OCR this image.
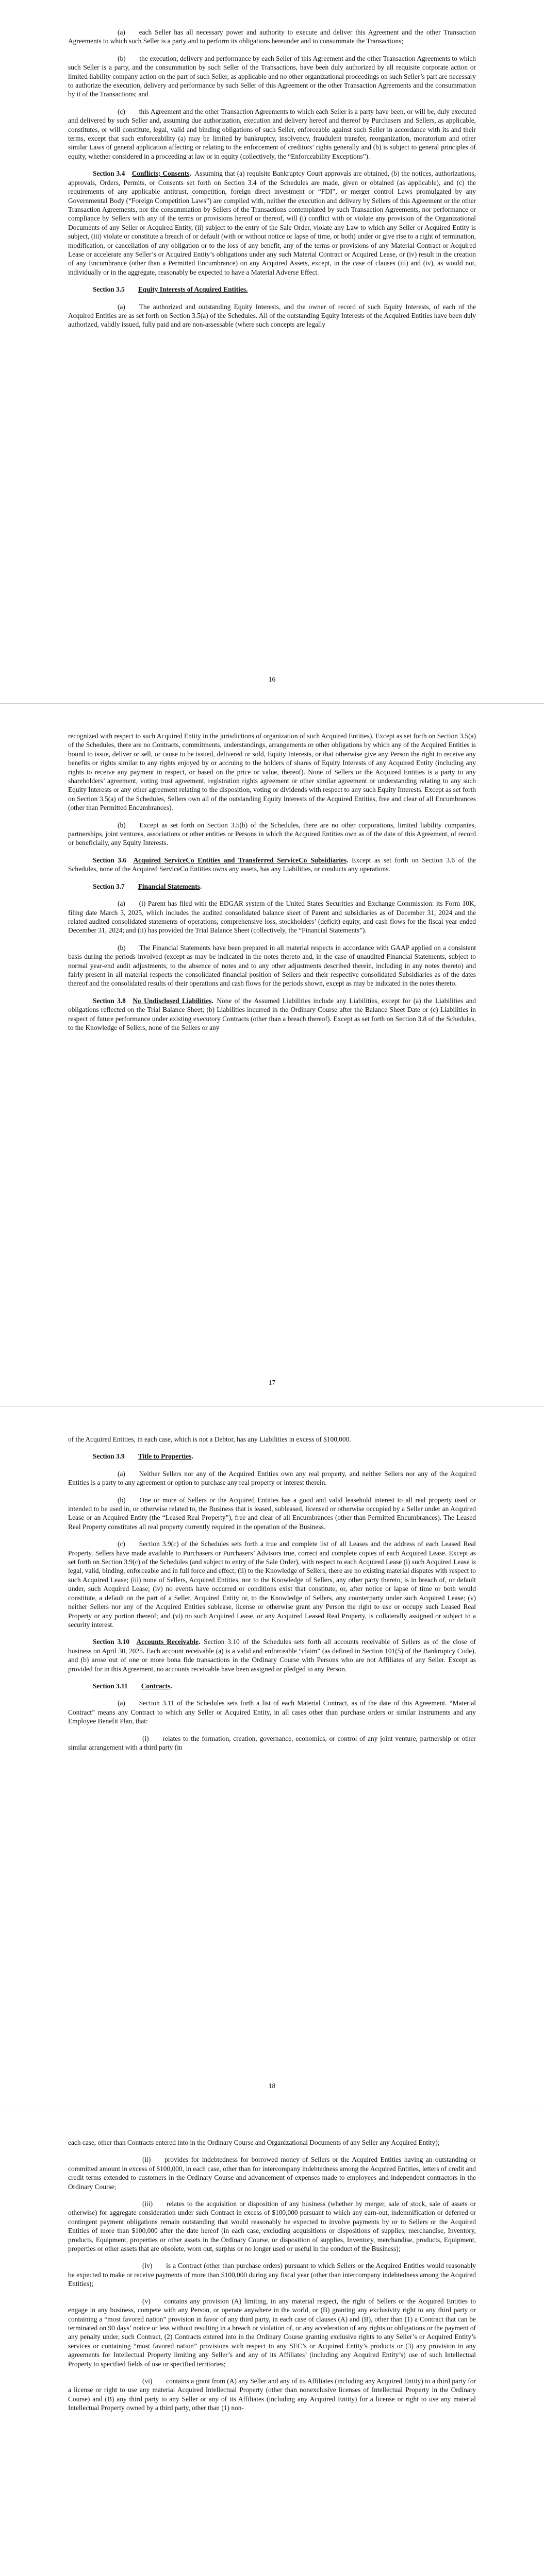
(a)   each Seller has all necessary power and authority to execute and deliver this Agreement and the other Transaction Agreements to which such Seller is a party and to perform its obligations hereunder and to consummate the Transactions;

(b)   the execution, delivery and performance by each Seller of this Agreement and the other Transaction Agreements to which such Seller is a party, and the consummation by such Seller of the Transactions, have been duly authorized by all requisite corporate action or limited liability company action on the part of such Seller, as applicable and no other organizational proceedings on such Seller’s part are necessary to authorize the execution, delivery and performance by such Seller of this Agreement or the other Transaction Agreements and the consummation by it of the Transactions; and

(c)   this Agreement and the other Transaction Agreements to which each Seller is a party have been, or will be, duly executed and delivered by such Seller and, assuming due authorization, execution and delivery hereof and thereof by Purchasers and Sellers, as applicable, constitutes, or will constitute, legal, valid and binding obligations of such Seller, enforceable against such Seller in accordance with its and their terms, except that such enforceability (a) may be limited by bankruptcy, insolvency, fraudulent transfer, reorganization, moratorium and other similar Laws of general application affecting or relating to the enforcement of creditors’ rights generally and (b) is subject to general principles of equity, whether considered in a proceeding at law or in equity (collectively, the “Enforceability Exceptions”).

Section 3.4  Conflicts; Consents.  Assuming that (a) requisite Bankruptcy Court approvals are obtained, (b) the notices, authorizations, approvals, Orders, Permits, or Consents set forth on Section 3.4 of the Schedules are made, given or obtained (as applicable), and (c) the requirements of any applicable antitrust, competition, foreign direct investment or “FDI”, or merger control Laws promulgated by any Governmental Body (“Foreign Competition Laws”) are complied with, neither the execution and delivery by Sellers of this Agreement or the other Transaction Agreements, nor the consummation by Sellers of the Transactions contemplated by such Transaction Agreements, nor performance or compliance by Sellers with any of the terms or provisions hereof or thereof, will (i) conflict with or violate any provision of the Organizational Documents of any Seller or Acquired Entity, (ii) subject to the entry of the Sale Order, violate any Law to which any Seller or Acquired Entity is subject, (iii) violate or constitute a breach of or default (with or without notice or lapse of time, or both) under or give rise to a right of termination, modification, or cancellation of any obligation or to the loss of any benefit, any of the terms or provisions of any Material Contract or Acquired Lease or accelerate any Seller’s or Acquired Entity’s obligations under any such Material Contract or Acquired Lease, or (iv) result in the creation of any Encumbrance (other than a Permitted Encumbrance) on any Acquired Assets, except, in the case of clauses (iii) and (iv), as would not, individually or in the aggregate, reasonably be expected to have a Material Adverse Effect.

Section 3.5 Equity Interests of Acquired Entities.

(a)  The authorized and outstanding Equity Interests, and the owner of record of such Equity Interests, of each of the Acquired Entities are as set forth on Section 3.5(a) of the Schedules. All of the outstanding Equity Interests of the Acquired Entities have been duly authorized, validly issued, fully paid and are non-assessable (where such concepts are legally

16

recognized with respect to such Acquired Entity in the jurisdictions of organization of such Acquired Entities). Except as set forth on Section 3.5(a) of the Schedules, there are no Contracts, commitments, understandings, arrangements or other obligations by which any of the Acquired Entities is bound to issue, deliver or sell, or cause to be issued, delivered or sold, Equity Interests, or that otherwise give any Person the right to receive any benefits or rights similar to any rights enjoyed by or accruing to the holders of shares of Equity Interests of any Acquired Entity (including any rights to receive any payment in respect, or based on the price or value, thereof). None of Sellers or the Acquired Entities is a party to any shareholders’ agreement, voting trust agreement, registration rights agreement or other similar agreement or understanding relating to any such Equity Interests or any other agreement relating to the disposition, voting or dividends with respect to any such Equity Interests. Except as set forth on Section 3.5(a) of the Schedules, Sellers own all of the outstanding Equity Interests of the Acquired Entities, free and clear of all Encumbrances (other than Permitted Encumbrances).

(b)  Except as set forth on Section 3.5(b) of the Schedules, there are no other corporations, limited liability companies, partnerships, joint ventures, associations or other entities or Persons in which the Acquired Entities own as of the date of this Agreement, of record or beneficially, any Equity Interests.

Section 3.6  Acquired ServiceCo Entities and Transferred ServiceCo Subsidiaries.  Except as set forth on Section 3.6 of the Schedules, none of the Acquired ServiceCo Entities owns any assets, has any Liabilities, or conducts any operations.

Section 3.7 Financial Statements.

(a)  (i) Parent has filed with the EDGAR system of the United States Securities and Exchange Commission: its Form 10K, filing date March 3, 2025, which includes the audited consolidated balance sheet of Parent and subsidiaries as of December 31, 2024 and the related audited consolidated statements of operations, comprehensive loss, stockholders’ (deficit) equity, and cash flows for the fiscal year ended December 31, 2024; and (ii) has provided the Trial Balance Sheet (collectively, the “Financial Statements”).

(b)  The Financial Statements have been prepared in all material respects in accordance with GAAP applied on a consistent basis during the periods involved (except as may be indicated in the notes thereto and, in the case of unaudited Financial Statements, subject to normal year-end audit adjustments, to the absence of notes and to any other adjustments described therein, including in any notes thereto) and fairly present in all material respects the consolidated financial position of Sellers and their respective consolidated Subsidiaries as of the dates thereof and the consolidated results of their operations and cash flows for the periods shown, except as may be indicated in the notes thereto.

Section 3.8  No Undisclosed Liabilities.  None of the Assumed Liabilities include any Liabilities, except for (a) the Liabilities and obligations reflected on the Trial Balance Sheet; (b) Liabilities incurred in the Ordinary Course after the Balance Sheet Date or (c) Liabilities in respect of future performance under existing executory Contracts (other than a breach thereof). Except as set forth on Section 3.8 of the Schedules, to the Knowledge of Sellers, none of the Sellers or any

17

of the Acquired Entities, in each case, which is not a Debtor, has any Liabilities in excess of $100,000.

Section 3.9 Title to Properties.

(a)  Neither Sellers nor any of the Acquired Entities own any real property, and neither Sellers nor any of the Acquired Entities is a party to any agreement or option to purchase any real property or interest therein.

(b)  One or more of Sellers or the Acquired Entities has a good and valid leasehold interest to all real property used or intended to be used in, or otherwise related to, the Business that is leased, subleased, licensed or otherwise occupied by a Seller under an Acquired Lease or an Acquired Entity (the “Leased Real Property”), free and clear of all Encumbrances (other than Permitted Encumbrances). The Leased Real Property constitutes all real property currently required in the operation of the Business.

(c)  Section 3.9(c) of the Schedules sets forth a true and complete list of all Leases and the address of each Leased Real Property. Sellers have made available to Purchasers or Purchasers’ Advisors true, correct and complete copies of each Acquired Lease. Except as set forth on Section 3.9(c) of the Schedules (and subject to entry of the Sale Order), with respect to each Acquired Lease (i) such Acquired Lease is legal, valid, binding, enforceable and in full force and effect; (ii) to the Knowledge of Sellers, there are no existing material disputes with respect to such Acquired Lease; (iii) none of Sellers, Acquired Entities, nor to the Knowledge of Sellers, any other party thereto, is in breach of, or default under, such Acquired Lease; (iv) no events have occurred or conditions exist that constitute, or, after notice or lapse of time or both would constitute, a default on the part of a Seller, Acquired Entity or, to the Knowledge of Sellers, any counterparty under such Acquired Lease; (v) neither Sellers nor any of the Acquired Entities sublease, license or otherwise grant any Person the right to use or occupy such Leased Real Property or any portion thereof; and (vi) no such Acquired Lease, or any Acquired Leased Real Property, is collaterally assigned or subject to a security interest.

Section 3.10  Accounts Receivable.  Section 3.10 of the Schedules sets forth all accounts receivable of Sellers as of the close of business on April 30, 2025. Each account receivable (a) is a valid and enforceable “claim” (as defined in Section 101(5) of the Bankruptcy Code), and (b) arose out of one or more bona fide transactions in the Ordinary Course with Persons who are not Affiliates of any Seller. Except as provided for in this Agreement, no accounts receivable have been assigned or pledged to any Person.

Section 3.11 Contracts.

(a)  Section 3.11 of the Schedules sets forth a list of each Material Contract, as of the date of this Agreement. “Material Contract” means any Contract to which any Seller or Acquired Entity, in all cases other than purchase orders or similar instruments and any Employee Benefit Plan, that:

(i)  relates to the formation, creation, governance, economics, or control of any joint venture, partnership or other similar arrangement with a third party (in

18

each case, other than Contracts entered into in the Ordinary Course and Organizational Documents of any Seller any Acquired Entity);

(ii)   provides for indebtedness for borrowed money of Sellers or the Acquired Entities having an outstanding or committed amount in excess of $100,000, in each case, other than for intercompany indebtedness among the Acquired Entities, letters of credit and credit terms extended to customers in the Ordinary Course and advancement of expenses made to employees and independent contractors in the Ordinary Course;

(iii)   relates to the acquisition or disposition of any business (whether by merger, sale of stock, sale of assets or otherwise) for aggregate consideration under such Contract in excess of $100,000 pursuant to which any earn-out, indemnification or deferred or contingent payment obligations remain outstanding that would reasonably be expected to involve payments by or to Sellers or the Acquired Entities of more than $100,000 after the date hereof (in each case, excluding acquisitions or dispositions of supplies, merchandise, Inventory, products, Equipment, properties or other assets in the Ordinary Course, or disposition of supplies, Inventory, merchandise, products, Equipment, properties or other assets that are obsolete, worn out, surplus or no longer used or useful in the conduct of the Business);

(iv)   is a Contract (other than purchase orders) pursuant to which Sellers or the Acquired Entities would reasonably be expected to make or receive payments of more than $100,000 during any fiscal year (other than intercompany indebtedness among the Acquired Entities);

(v)   contains any provision (A) limiting, in any material respect, the right of Sellers or the Acquired Entities to engage in any business, compete with any Person, or operate anywhere in the world, or (B) granting any exclusivity right to any third party or containing a “most favored nation” provision in favor of any third party, in each case of clauses (A) and (B), other than (1) a Contract that can be terminated on 90 days’ notice or less without resulting in a breach or violation of, or any acceleration of any rights or obligations or the payment of any penalty under, such Contract, (2) Contracts entered into in the Ordinary Course granting exclusive rights to any Seller’s or Acquired Entity’s services or containing “most favored nation” provisions with respect to any SEC’s or Acquired Entity’s products or (3) any provision in any agreements for Intellectual Property limiting any Seller’s and any of its Affiliates’ (including any Acquired Entity’s) use of such Intellectual Property to specified fields of use or specified territories;

(vi)   contains a grant from (A) any Seller and any of its Affiliates (including any Acquired Entity) to a third party for a license or right to use any material Acquired Intellectual Property (other than nonexclusive licenses of Intellectual Property in the Ordinary Course) and (B) any third party to any Seller or any of its Affiliates (including any Acquired Entity) for a license or right to use any material Intellectual Property owned by a third party, other than (1) non-
